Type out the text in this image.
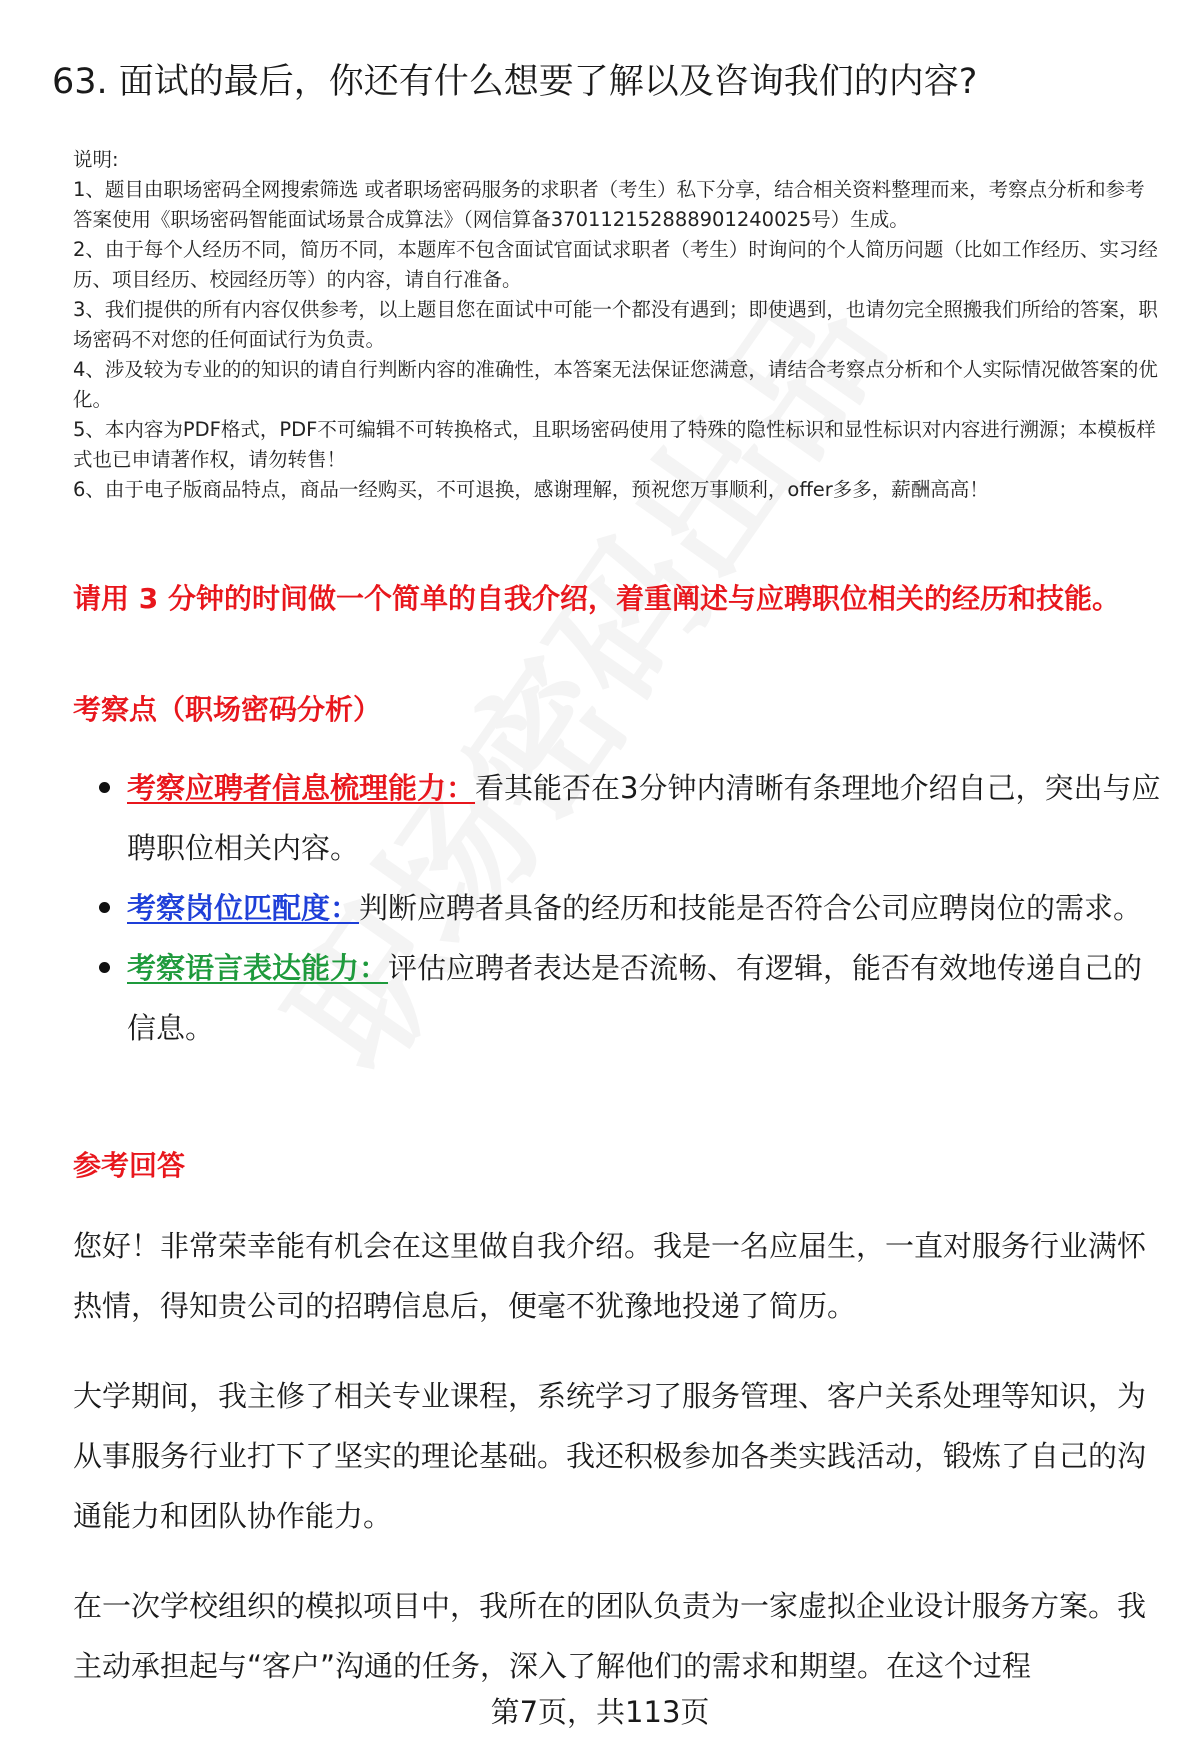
63. 面试的最后，你还有什么想要了解以及咨询我们的内容?

说明:

1、题目由职场密码全网搜索筛选 或者职场密码服务的求职者（考生）私下分享，结合相关资料整理而来，考察点分析和参考答案使用《职场密码智能面试场景合成算法》（网信算备370112152888901240025号）生成。

2、由于每个人经历不同，简历不同，本题库不包含面试官面试求职者（考生）时询问的个人简历问题（比如工作经历、实习经历、项目经历、校园经历等）的内容，请自行准备。

3、我们提供的所有内容仅供参考，以上题目您在面试中可能一个都没有遇到；即使遇到，也请勿完全照搬我们所给的答案，职场密码不对您的任何面试行为负责。

4、涉及较为专业的的知识的请自行判断内容的准确性，本答案无法保证您满意，请结合考察点分析和个人实际情况做答案的优化。

5、本内容为PDF格式，PDF不可编辑不可转换格式，且职场密码使用了特殊的隐性标识和显性标识对内容进行溯源；本模板样式也已申请著作权，请勿转售！

6、由于电子版商品特点，商品一经购买，不可退换，感谢理解，预祝您万事顺利，offer多多，薪酬高高！

请用 3 分钟的时间做一个简单的自我介绍，着重阐述与应聘职位相关的经历和技能。

考察点（职场密码分析）
考察应聘者信息梳理能力：看其能否在3分钟内清晰有条理地介绍自己，突出与应聘职位相关内容。
考察岗位匹配度：判断应聘者具备的经历和技能是否符合公司应聘岗位的需求。
考察语言表达能力：评估应聘者表达是否流畅、有逻辑，能否有效地传递自己的信息。
参考回答

您好！非常荣幸能有机会在这里做自我介绍。我是一名应届生，一直对服务行业满怀热情，得知贵公司的招聘信息后，便毫不犹豫地投递了简历。

大学期间，我主修了相关专业课程，系统学习了服务管理、客户关系处理等知识，为从事服务行业打下了坚实的理论基础。我还积极参加各类实践活动，锻炼了自己的沟通能力和团队协作能力。

在一次学校组织的模拟项目中，我所在的团队负责为一家虚拟企业设计服务方案。我主动承担起与“客户”沟通的任务，深入了解他们的需求和期望。在这个过程

第7页，共113页
